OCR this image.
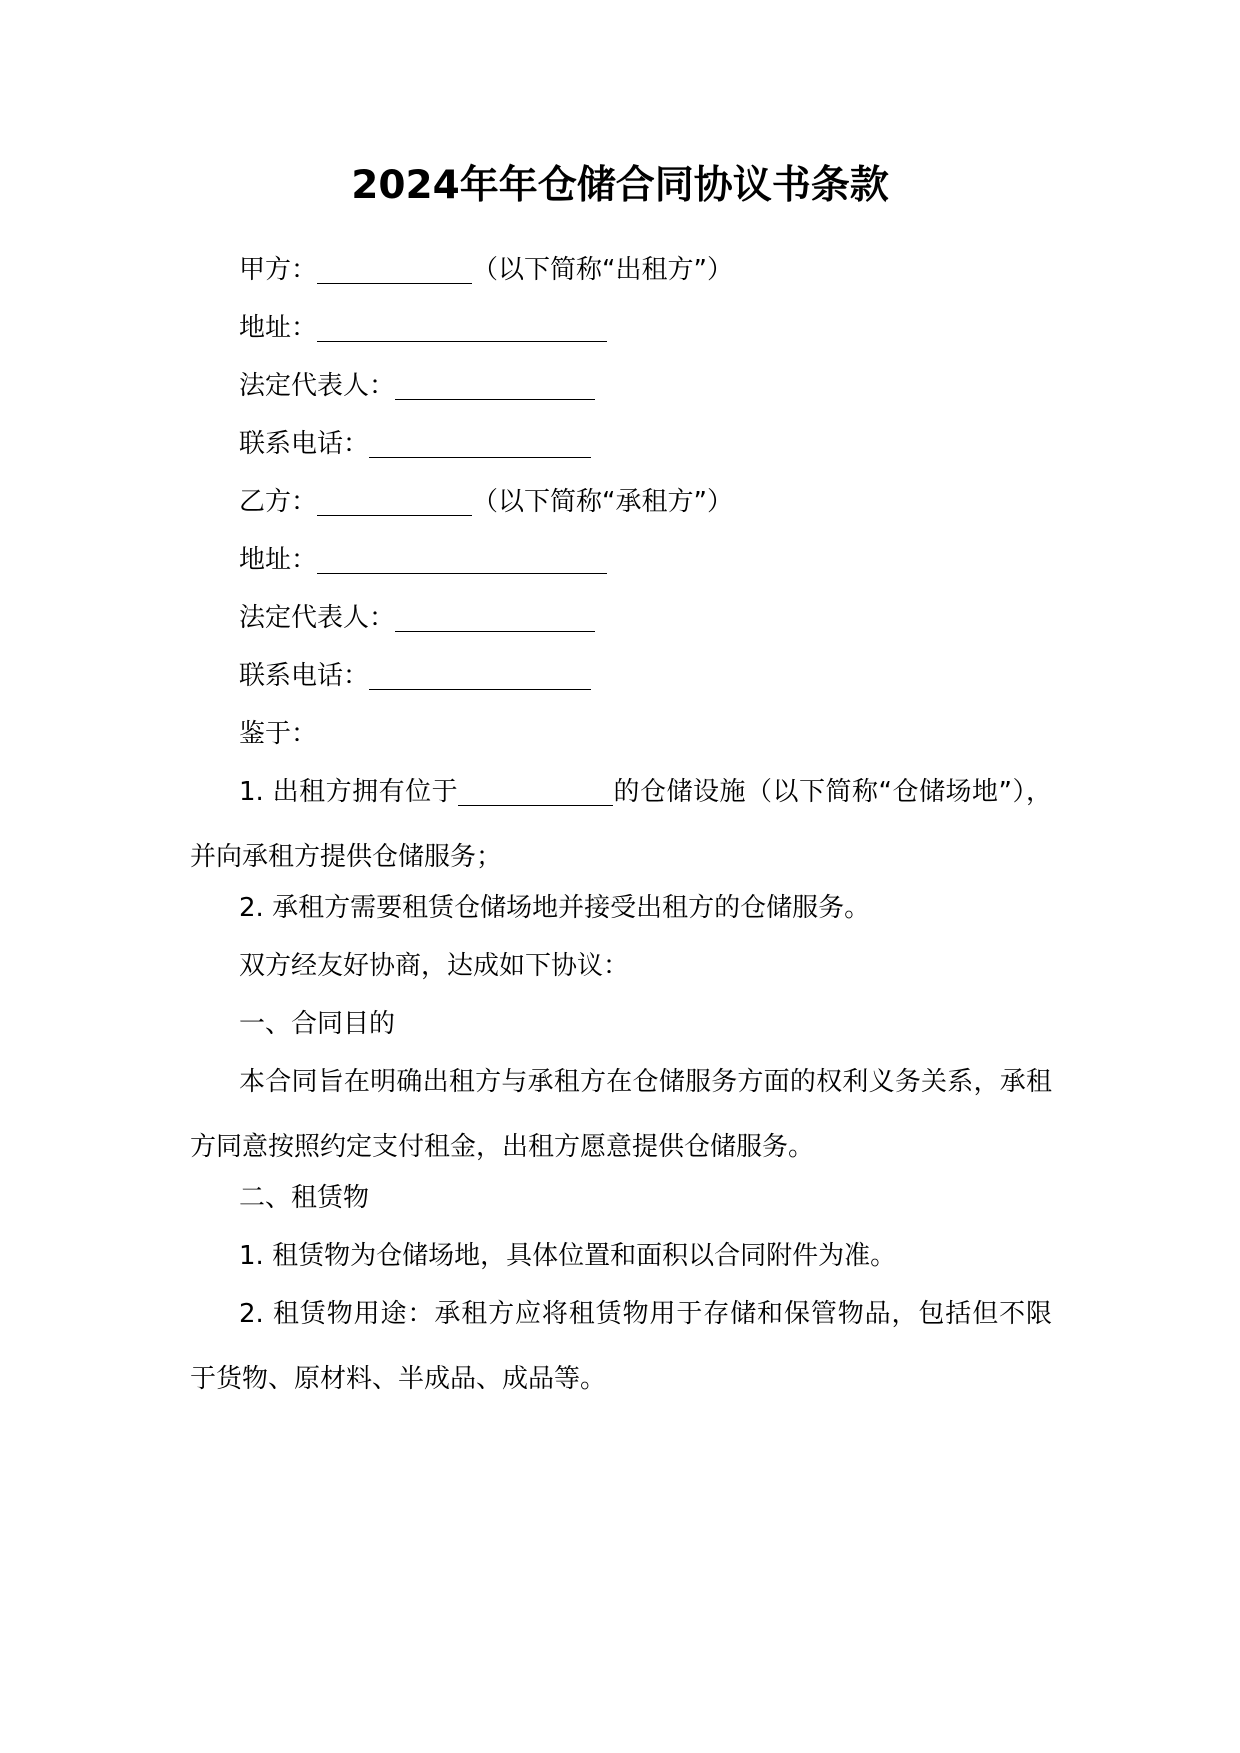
2024年年仓储合同协议书条款

甲方：	（以下简称“出租方”）

地址：

法定代表人：

联系电话：

乙方：	（以下简称“承租方”）

地址：

法定代表人：

联系电话：

鉴于：

1. 出租方拥有位于	的仓储设施（以下简称“仓储场地”），并向承租方提供仓储服务；

2. 承租方需要租赁仓储场地并接受出租方的仓储服务。

双方经友好协商，达成如下协议：

一、合同目的

本合同旨在明确出租方与承租方在仓储服务方面的权利义务关系，承租方同意按照约定支付租金，出租方愿意提供仓储服务。

二、租赁物

1. 租赁物为仓储场地，具体位置和面积以合同附件为准。

2. 租赁物用途：承租方应将租赁物用于存储和保管物品，包括但不限于货物、原材料、半成品、成品等。
